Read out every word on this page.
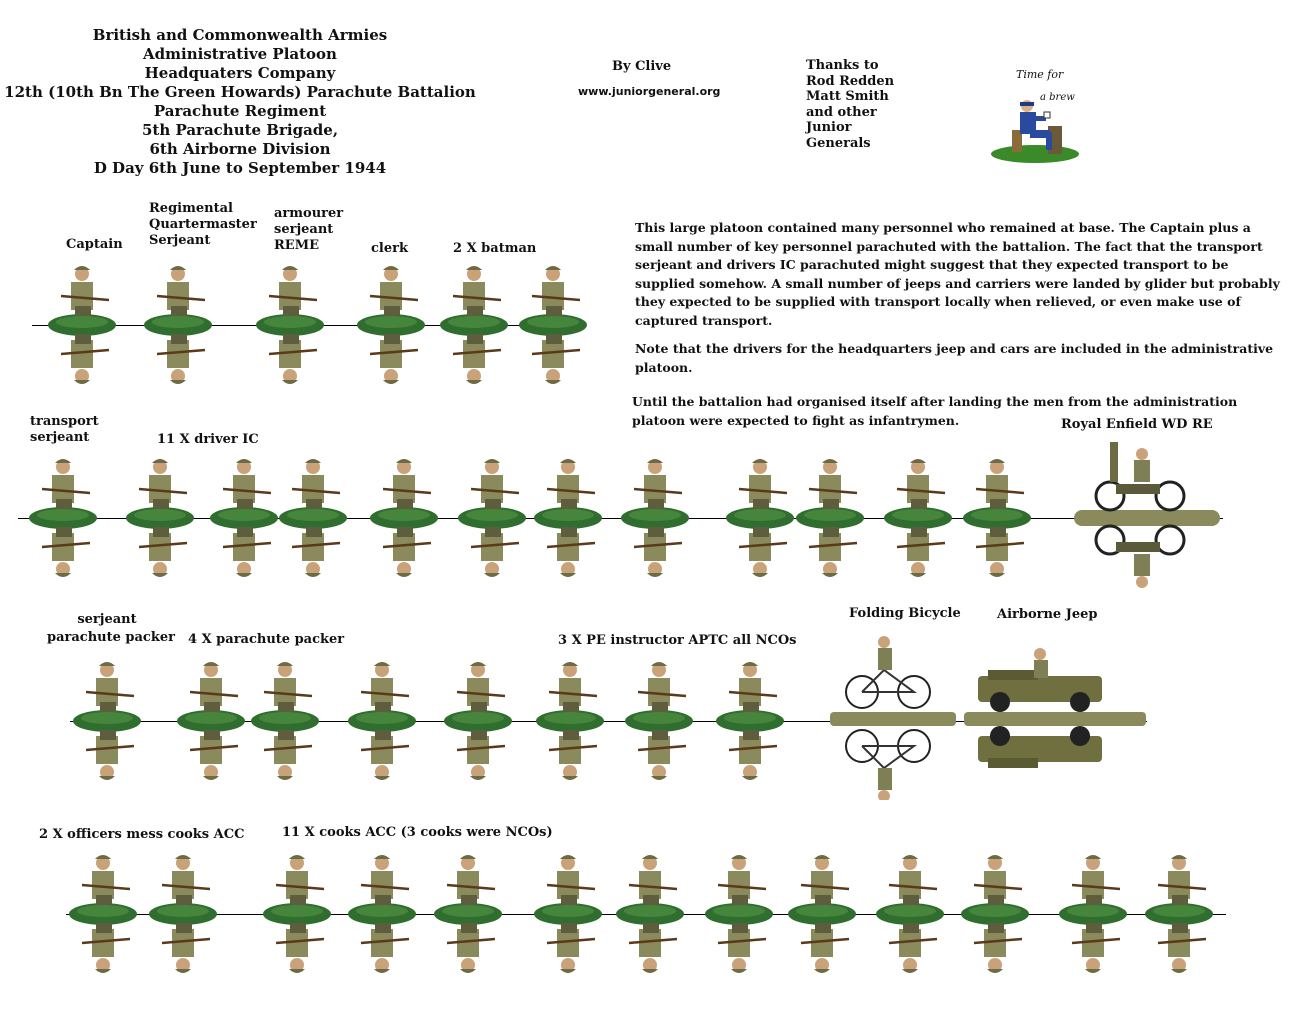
British and Commonwealth Armies
Administrative Platoon
Headquaters Company
12th (10th Bn The Green Howards) Parachute Battalion
Parachute Regiment
5th Parachute Brigade,
6th Airborne Division
D Day 6th June to September 1944
By Clive
www.juniorgeneral.org
Thanks to
Rod Redden
Matt Smith
and other
Junior
Generals
Time for
a brew
This large platoon contained many personnel who remained at base. The Captain plus a
small number of key personnel parachuted with the battalion. The fact that the transport
serjeant and drivers IC parachuted might suggest that they expected transport to be
supplied somehow. A small number of jeeps and carriers were landed by glider but probably
they expected to be supplied with transport locally when relieved, or even make use of
captured transport.
Note that the drivers for the headquarters jeep and cars are included in the administrative
platoon.
Until the battalion had organised itself after landing the men from the administration
platoon were expected to fight as infantrymen.
Captain
Regimental
Quartermaster
Serjeant
armourer
serjeant
REME	clerk	2 X batman
transport
serjeant	11 X driver IC
Royal Enfield WD RE
serjeant
parachute packer 4 X parachute packer	3 X PE instructor APTC all NCOs
Folding Bicycle	Airborne Jeep
2 X officers mess cooks ACC	11 X cooks ACC (3 cooks were NCOs)
